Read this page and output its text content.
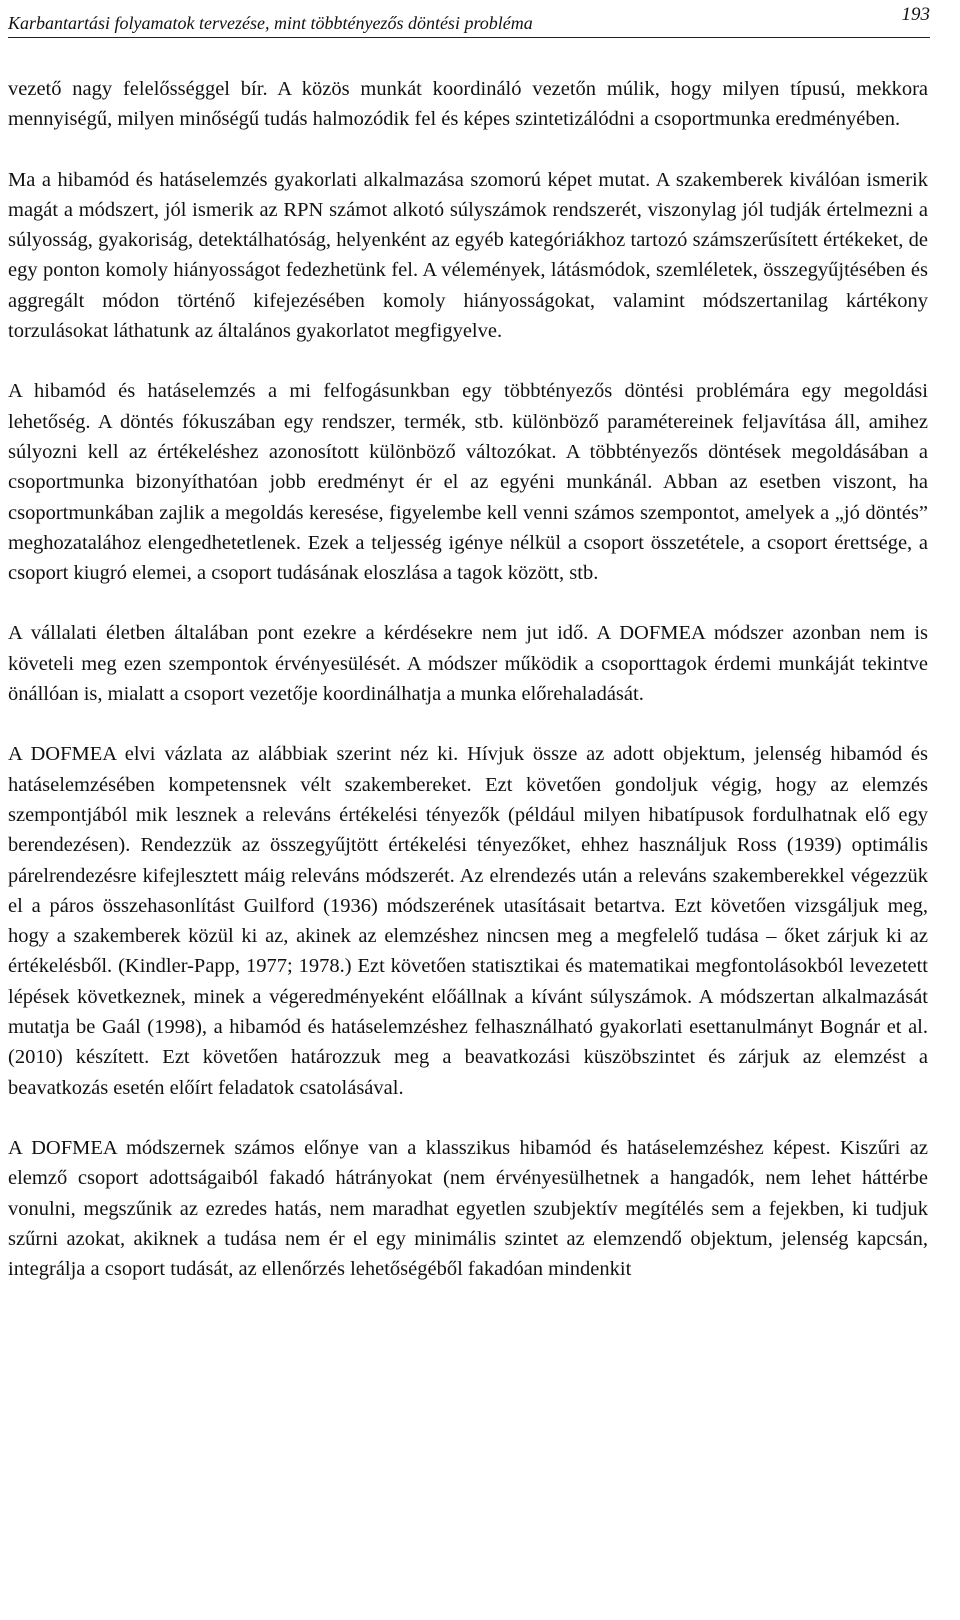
Karbantartási folyamatok tervezése, mint többtényezős döntési probléma	193

vezető nagy felelősséggel bír. A közös munkát koordináló vezetőn múlik, hogy milyen típusú, mekkora mennyiségű, milyen minőségű tudás halmozódik fel és képes szintetizálódni a csoportmunka eredményében.

Ma a hibamód és hatáselemzés gyakorlati alkalmazása szomorú képet mutat. A szakemberek kiválóan ismerik magát a módszert, jól ismerik az RPN számot alkotó súlyszámok rendszerét, viszonylag jól tudják értelmezni a súlyosság, gyakoriság, detektálhatóság, helyenként az egyéb kategóriákhoz tartozó számszerűsített értékeket, de egy ponton komoly hiányosságot fedezhetünk fel. A vélemények, látásmódok, szemléletek, összegyűjtésében és aggregált módon történő kifejezésében komoly hiányosságokat, valamint módszertanilag kártékony torzulásokat láthatunk az általános gyakorlatot megfigyelve.

A hibamód és hatáselemzés a mi felfogásunkban egy többtényezős döntési problémára egy megoldási lehetőség. A döntés fókuszában egy rendszer, termék, stb. különböző paramétereinek feljavítása áll, amihez súlyozni kell az értékeléshez azonosított különböző változókat. A többtényezős döntések megoldásában a csoportmunka bizonyíthatóan jobb eredményt ér el az egyéni munkánál. Abban az esetben viszont, ha csoportmunkában zajlik a megoldás keresése, figyelembe kell venni számos szempontot, amelyek a „jó döntés” meghozatalához elengedhetetlenek. Ezek a teljesség igénye nélkül a csoport összetétele, a csoport érettsége, a csoport kiugró elemei, a csoport tudásának eloszlása a tagok között, stb.

A vállalati életben általában pont ezekre a kérdésekre nem jut idő. A DOFMEA módszer azonban nem is követeli meg ezen szempontok érvényesülését. A módszer működik a csoporttagok érdemi munkáját tekintve önállóan is, mialatt a csoport vezetője koordinálhatja a munka előrehaladását.

A DOFMEA elvi vázlata az alábbiak szerint néz ki. Hívjuk össze az adott objektum, jelenség hibamód és hatáselemzésében kompetensnek vélt szakembereket. Ezt követően gondoljuk végig, hogy az elemzés szempontjából mik lesznek a releváns értékelési tényezők (például milyen hibatípusok fordulhatnak elő egy berendezésen). Rendezzük az összegyűjtött értékelési tényezőket, ehhez használjuk Ross (1939) optimális párelrendezésre kifejlesztett máig releváns módszerét. Az elrendezés után a releváns szakemberekkel végezzük el a páros összehasonlítást Guilford (1936) módszerének utasításait betartva. Ezt követően vizsgáljuk meg, hogy a szakemberek közül ki az, akinek az elemzéshez nincsen meg a megfelelő tudása – őket zárjuk ki az értékelésből. (Kindler-Papp, 1977; 1978.) Ezt követően statisztikai és matematikai megfontolásokból levezetett lépések következnek, minek a végeredményeként előállnak a kívánt súlyszámok. A módszertan alkalmazását mutatja be Gaál (1998), a hibamód és hatáselemzéshez felhasználható gyakorlati esettanulmányt Bognár et al. (2010) készített. Ezt követően határozzuk meg a beavatkozási küszöbszintet és zárjuk az elemzést a beavatkozás esetén előírt feladatok csatolásával.

A DOFMEA módszernek számos előnye van a klasszikus hibamód és hatáselemzéshez képest. Kiszűri az elemző csoport adottságaiból fakadó hátrányokat (nem érvényesülhetnek a hangadók, nem lehet háttérbe vonulni, megszűnik az ezredes hatás, nem maradhat egyetlen szubjektív megítélés sem a fejekben, ki tudjuk szűrni azokat, akiknek a tudása nem ér el egy minimális szintet az elemzendő objektum, jelenség kapcsán, integrálja a csoport tudását, az ellenőrzés lehetőségéből fakadóan mindenkit
